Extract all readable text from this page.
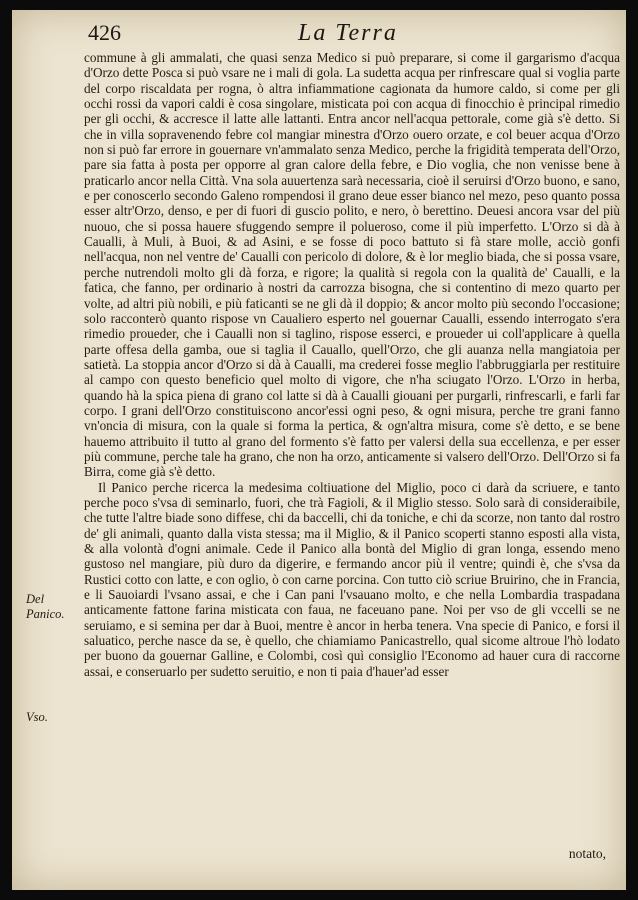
426	La Terra
Del Panico.
Vso.

commune à gli ammalati, che quasi senza Medico si può preparare, si come il gargarismo d'acqua d'Orzo dette Posca si può vsare ne i mali di gola. La sudetta acqua per rinfrescare qual si voglia parte del corpo riscaldata per rogna, ò altra infiammatione cagionata da humore caldo, si come per gli occhi rossi da vapori caldi è cosa singolare, misticata poi con acqua di finocchio è principal rimedio per gli occhi, & accresce il latte alle lattanti. Entra ancor nell'acqua pettorale, come già s'è detto. Si che in villa sopravenendo febre col mangiar minestra d'Orzo ouero orzate, e col beuer acqua d'Orzo non si può far errore in gouernare vn'ammalato senza Medico, perche la frigidità temperata dell'Orzo, pare sia fatta à posta per opporre al gran calore della febre, e Dio voglia, che non venisse bene à praticarlo ancor nella Città. Vna sola auuertenza sarà necessaria, cioè il seruirsi d'Orzo buono, e sano, e per conoscerlo secondo Galeno rompendosi il grano deue esser bianco nel mezo, peso quanto possa esser altr'Orzo, denso, e per di fuori di guscio polito, e nero, ò berettino. Deuesi ancora vsar del più nuouo, che si possa hauere sfuggendo sempre il polueroso, come il più imperfetto. L'Orzo si dà à Caualli, à Muli, à Buoi, & ad Asini, e se fosse di poco battuto si fà stare molle, acciò gonfi nell'acqua, non nel ventre de' Caualli con pericolo di dolore, & è lor meglio biada, che si possa vsare, perche nutrendoli molto gli dà forza, e rigore; la qualità si regola con la qualità de' Caualli, e la fatica, che fanno, per ordinario à nostri da carrozza bisogna, che si contentino di mezo quarto per volte, ad altri più nobili, e più faticanti se ne gli dà il doppio; & ancor molto più secondo l'occasione; solo racconterò quanto rispose vn Caualiero esperto nel gouernar Caualli, essendo interrogato s'era rimedio proueder, che i Caualli non si taglino, rispose esserci, e proueder ui coll'applicare à quella parte offesa della gamba, oue si taglia il Cauallo, quell'Orzo, che gli auanza nella mangiatoia per satietà. La stoppia ancor d'Orzo si dà à Caualli, ma crederei fosse meglio l'abbruggiarla per restituire al campo con questo beneficio quel molto di vigore, che n'ha sciugato l'Orzo. L'Orzo in herba, quando hà la spica piena di grano col latte si dà à Caualli giouani per purgarli, rinfrescarli, e farli far corpo. I grani dell'Orzo constituiscono ancor'essi ogni peso, & ogni misura, perche tre grani fanno vn'oncia di misura, con la quale si forma la pertica, & ogn'altra misura, come s'è detto, e se bene hauemo attribuito il tutto al grano del formento s'è fatto per valersi della sua eccellenza, e per esser più commune, perche tale ha grano, che non ha orzo, anticamente si valsero dell'Orzo. Dell'Orzo si fa Birra, come già s'è detto.

Il Panico perche ricerca la medesima coltiuatione del Miglio, poco ci darà da scriuere, e tanto perche poco s'vsa di seminarlo, fuori, che trà Fagioli, & il Miglio stesso. Solo sarà di consideraibile, che tutte l'altre biade sono diffese, chi da baccelli, chi da toniche, e chi da scorze, non tanto dal rostro de' gli animali, quanto dalla vista stessa; ma il Miglio, & il Panico scoperti stanno esposti alla vista, & alla volontà d'ogni animale. Cede il Panico alla bontà del Miglio di gran longa, essendo meno gustoso nel mangiare, più duro da digerire, e fermando ancor più il ventre; quindi è, che s'vsa da Rustici cotto con latte, e con oglio, ò con carne porcina. Con tutto ciò scriue Bruirino, che in Francia, e li Sauoiardi l'vsano assai, e che i Can pani l'vsauano molto, e che nella Lombardia traspadana anticamente fattone farina misticata con faua, ne faceuano pane. Noi per vso de gli vccelli se ne seruiamo, e si semina per dar à Buoi, mentre è ancor in herba tenera. Vna specie di Panico, e forsi il saluatico, perche nasce da se, è quello, che chiamiamo Panicastrello, qual sicome altroue l'hò lodato per buono da gouernar Galline, e Colombi, così quì consiglio l'Economo ad hauer cura di raccorne assai, e conseruarlo per sudetto seruitio, e non ti paia d'hauer'ad esser

notato,
